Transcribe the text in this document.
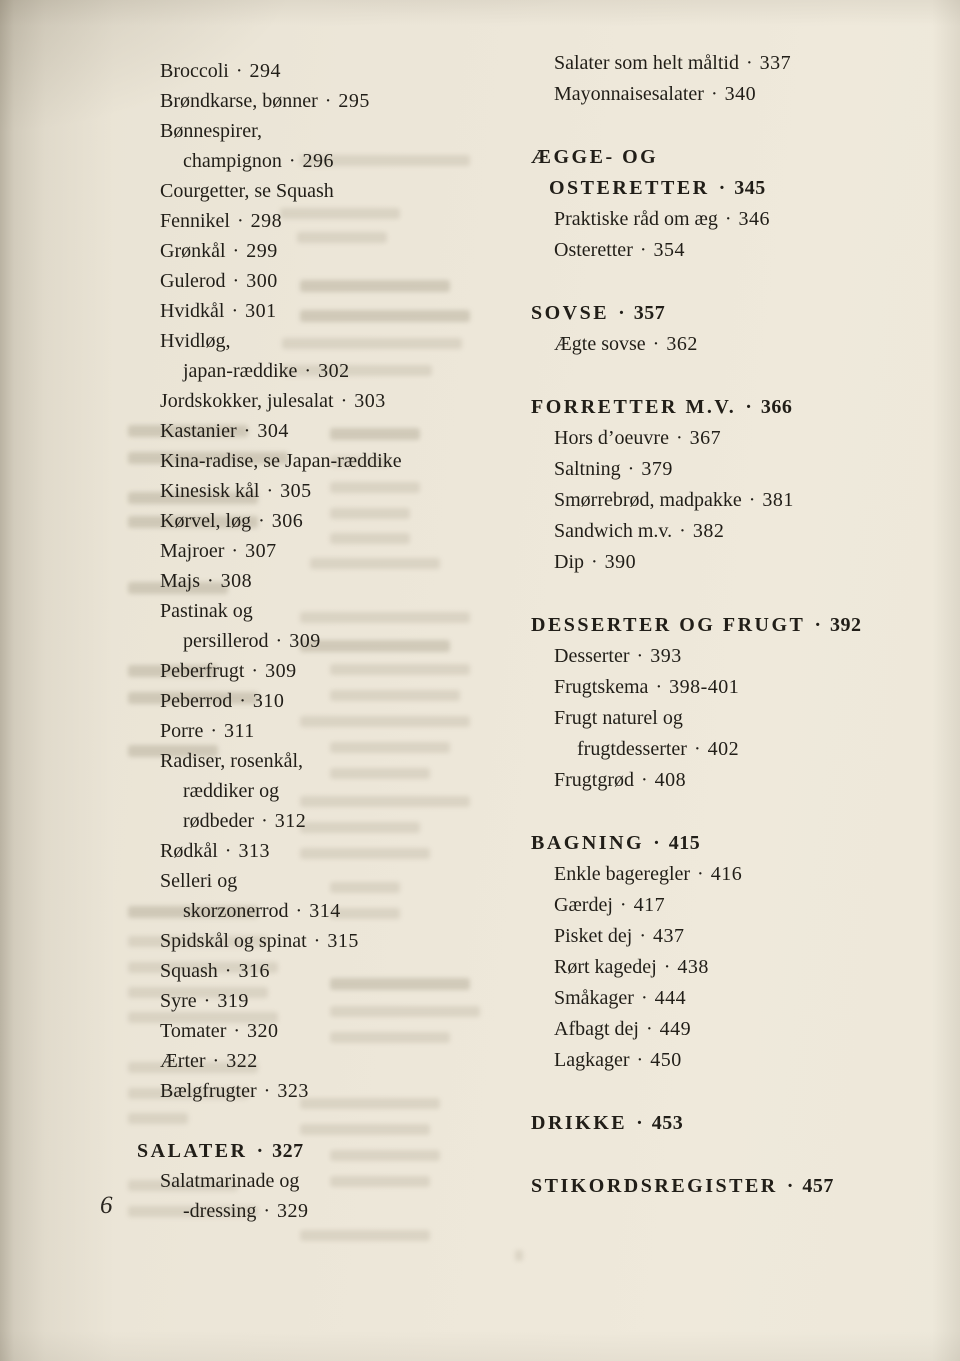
Broccoli · 294
Brøndkarse, bønner · 295
Bønnespirer,
champignon · 296
Courgetter, se Squash
Fennikel · 298
Grønkål · 299
Gulerod · 300
Hvidkål · 301
Hvidløg,
japan-ræddike · 302
Jordskokker, julesalat · 303
Kastanier · 304
Kina-radise, se Japan-ræddike
Kinesisk kål · 305
Kørvel, løg · 306
Majroer · 307
Majs · 308
Pastinak og
persillerod · 309
Peberfrugt · 309
Peberrod · 310
Porre · 311
Radiser, rosenkål,
ræddiker og
rødbeder · 312
Rødkål · 313
Selleri og
skorzonerrod · 314
Spidskål og spinat · 315
Squash · 316
Syre · 319
Tomater · 320
Ærter · 322
Bælgfrugter · 323
SALATER · 327
Salatmarinade og
-dressing · 329
Salater som helt måltid · 337
Mayonnaisesalater · 340
ÆGGE- OG
OSTERETTER · 345
Praktiske råd om æg · 346
Osteretter · 354
SOVSE · 357
Ægte sovse · 362
FORRETTER M.V. · 366
Hors d’oeuvre · 367
Saltning · 379
Smørrebrød, madpakke · 381
Sandwich m.v. · 382
Dip · 390
DESSERTER OG FRUGT · 392
Desserter · 393
Frugtskema · 398-401
Frugt naturel og
frugtdesserter · 402
Frugtgrød · 408
BAGNING · 415
Enkle bageregler · 416
Gærdej · 417
Pisket dej · 437
Rørt kagedej · 438
Småkager · 444
Afbagt dej · 449
Lagkager · 450
DRIKKE · 453
STIKORDSREGISTER · 457
6
